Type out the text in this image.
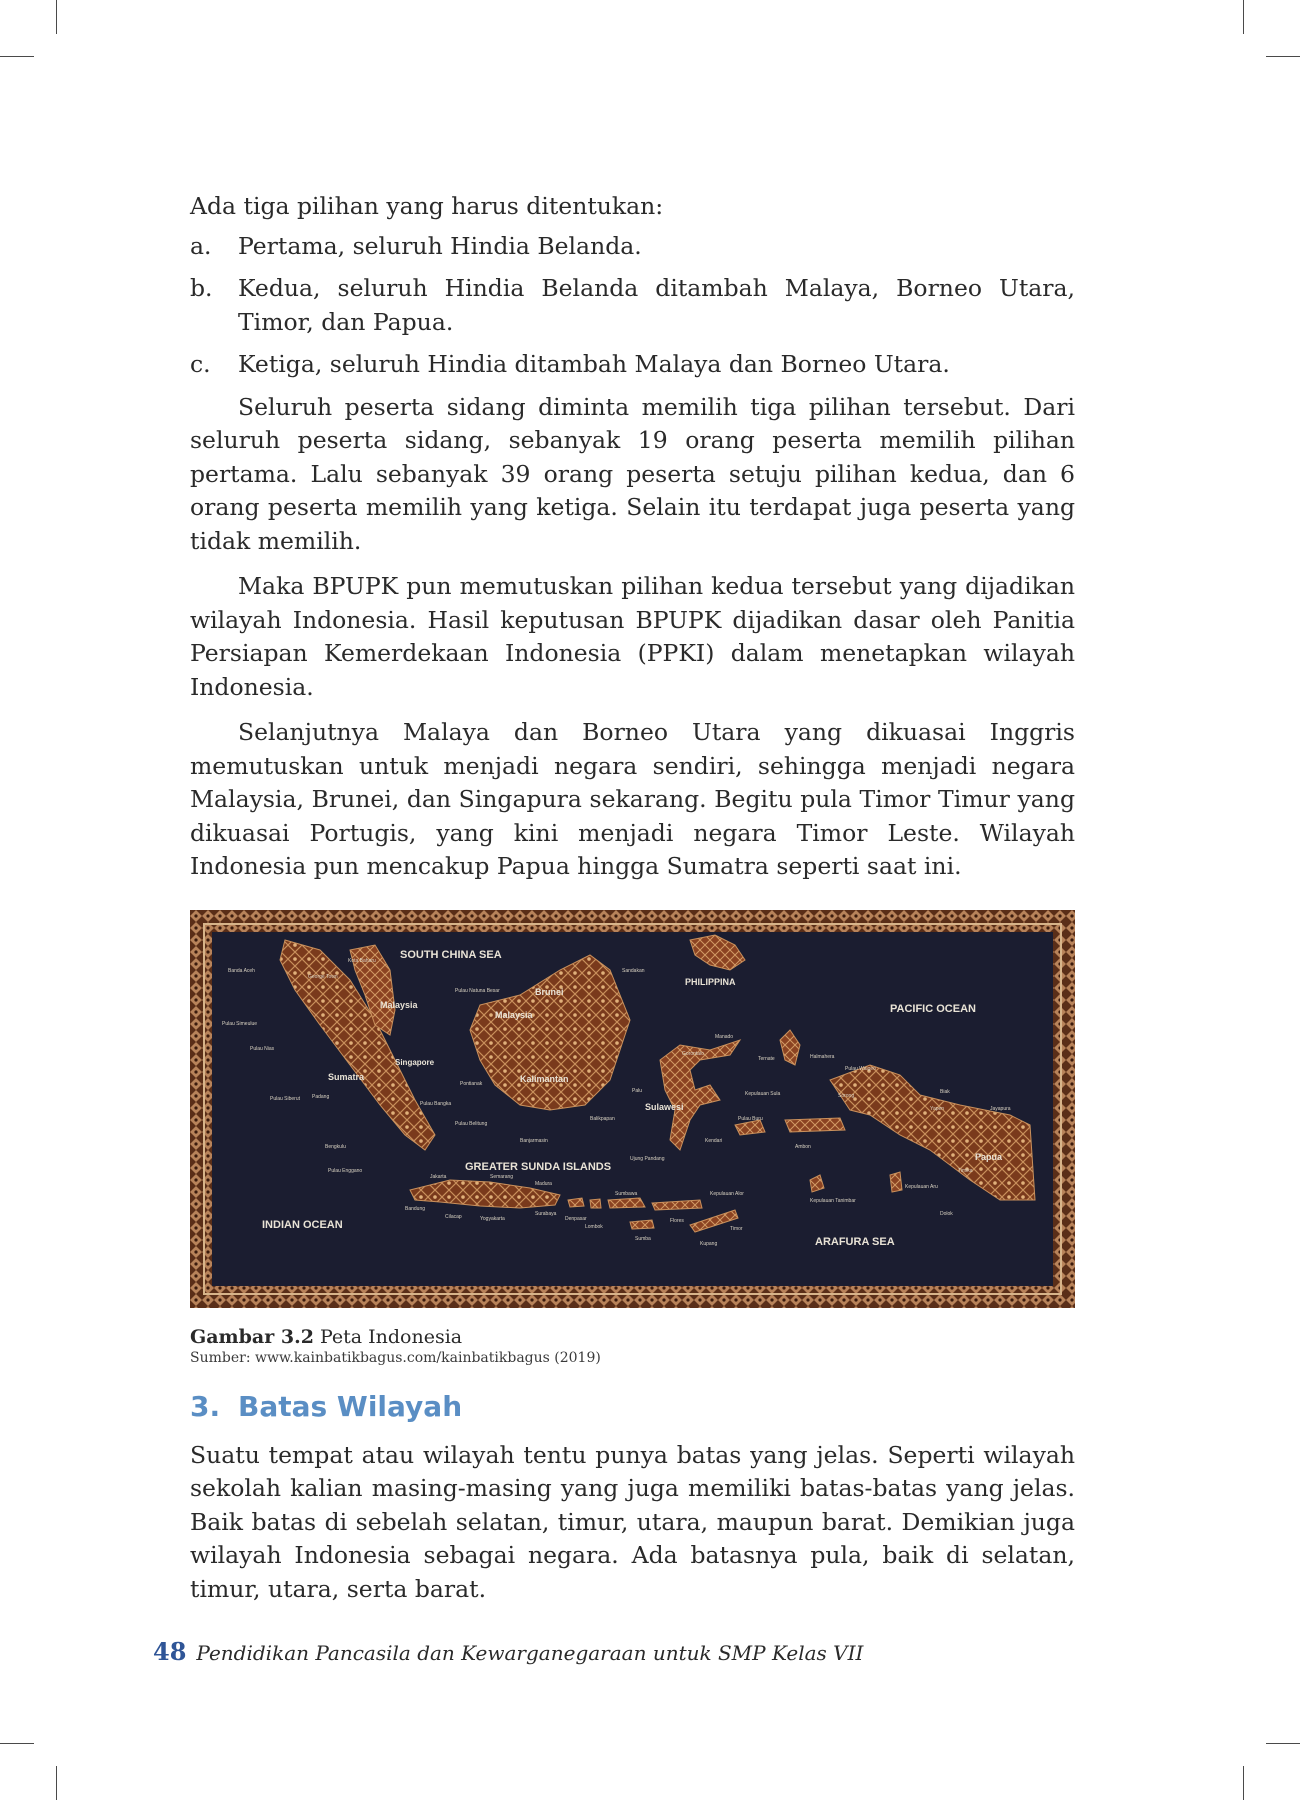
Ada tiga pilihan yang harus ditentukan:

a.	Pertama, seluruh Hindia Belanda.
b.	Kedua, seluruh Hindia Belanda ditambah Malaya, Borneo Utara, Timor, dan Papua.
c.	Ketiga, seluruh Hindia ditambah Malaya dan Borneo Utara.

Seluruh peserta sidang diminta memilih tiga pilihan tersebut. Dari seluruh peserta sidang, sebanyak 19 orang peserta memilih pilihan pertama. Lalu sebanyak 39 orang peserta setuju pilihan kedua, dan 6 orang peserta memilih yang ketiga. Selain itu terdapat juga peserta yang tidak memilih.

Maka BPUPK pun memutuskan pilihan kedua tersebut yang dijadikan wilayah Indonesia. Hasil keputusan BPUPK dijadikan dasar oleh Panitia Persiapan Kemerdekaan Indonesia (PPKI) dalam menetapkan wilayah Indonesia.

Selanjutnya Malaya dan Borneo Utara yang dikuasai Inggris memutuskan untuk menjadi negara sendiri, sehingga menjadi negara Malaysia, Brunei, dan Singapura sekarang. Begitu pula Timor Timur yang dikuasai Portugis, yang kini menjadi negara Timor Leste. Wilayah Indonesia pun mencakup Papua hingga Sumatra seperti saat ini.

SOUTH CHINA SEA
PACIFIC OCEAN
INDIAN OCEAN
ARAFURA SEA
GREATER SUNDA ISLANDS
Malaysia
Malaysia
Brunei
PHILIPPINA
Singapore
Sumatra	Kalimantan
Sulawesi
Papua
Banda Aceh
Kota Baharu
George Town
Pulau Natuna Besar
Sandakan
Pulau Simeulue
Pulau Nias
Pulau Siberut Padang
Bengkulu
Pulau Enggano
Pontianak
Pulau Bangka
Pulau Belitung
Banjarmasin
Balikpapan
Palu
Gorontalo
Manado
Ternate	Halmahera
Pulau Waigeo
Kepulauan Sula	Sorong
Biak
Yapen	Jayapura
Pulau Buru
Kendari
Ambon
Timika
Ujung Pandang
Kepulauan Aru
Dolok
Kepulauan Tanimbar
Jakarta	Semarang
Madura
Surabaya
Bandung
Cilacap	Yogyakarta	Denpasar
Sumbawa	Kepulauan Alor
Lombok
Flores
Timor
Sumba
Kupang
Gambar 3.2 Peta Indonesia
Sumber: www.kainbatikbagus.com/kainbatikbagus (2019)
3. Batas Wilayah

Suatu tempat atau wilayah tentu punya batas yang jelas. Seperti wilayah sekolah kalian masing-masing yang juga memiliki batas-batas yang jelas. Baik batas di sebelah selatan, timur, utara, maupun barat. Demikian juga wilayah Indonesia sebagai negara. Ada batasnya pula, baik di selatan, timur, utara, serta barat.

48 Pendidikan Pancasila dan Kewarganegaraan untuk SMP Kelas VII
